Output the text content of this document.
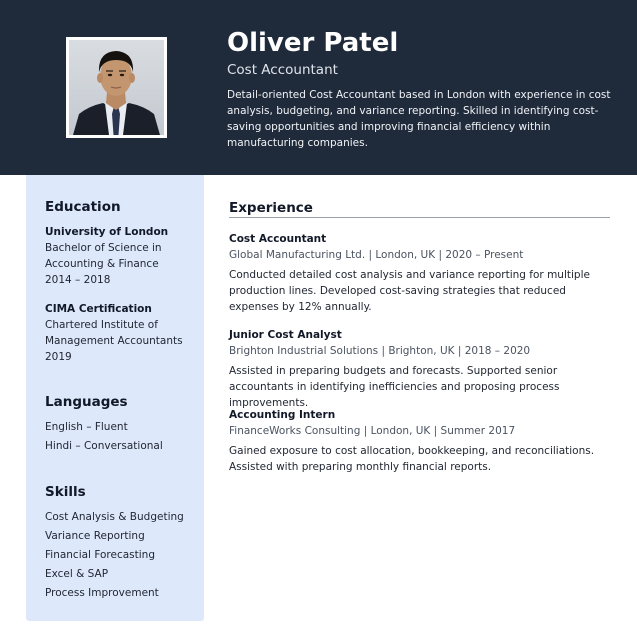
Oliver Patel

Cost Accountant

Detail-oriented Cost Accountant based in London with experience in cost analysis, budgeting, and variance reporting. Skilled in identifying cost-saving opportunities and improving financial efficiency within manufacturing companies.

Education

University of London

Bachelor of Science in Accounting & Finance

2014 – 2018

CIMA Certification

Chartered Institute of Management Accountants

2019

Languages
English – Fluent
Hindi – Conversational
Skills
Cost Analysis & Budgeting
Variance Reporting
Financial Forecasting
Excel & SAP
Process Improvement
Experience

Cost Accountant

Global Manufacturing Ltd. | London, UK | 2020 – Present

Conducted detailed cost analysis and variance reporting for multiple production lines. Developed cost-saving strategies that reduced expenses by 12% annually.

Junior Cost Analyst

Brighton Industrial Solutions | Brighton, UK | 2018 – 2020

Assisted in preparing budgets and forecasts. Supported senior accountants in identifying inefficiencies and proposing process improvements.

Accounting Intern

FinanceWorks Consulting | London, UK | Summer 2017

Gained exposure to cost allocation, bookkeeping, and reconciliations. Assisted with preparing monthly financial reports.
